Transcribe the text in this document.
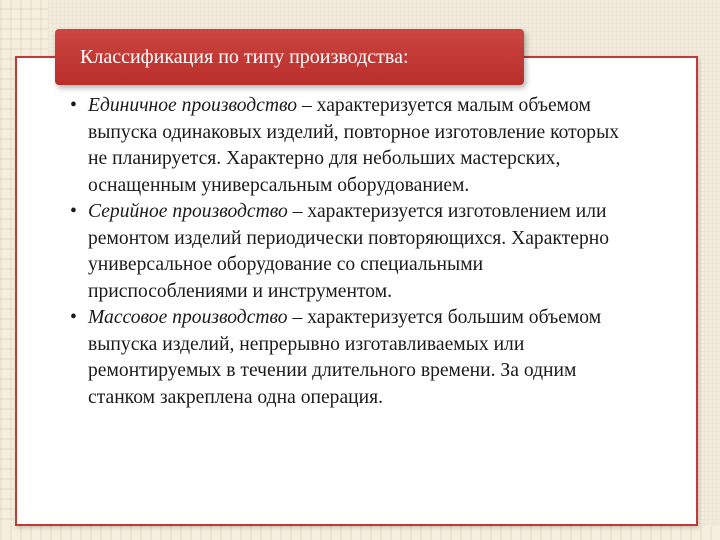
Классификация по типу производства:
• Единичное производство – характеризуется малым объемом выпуска одинаковых изделий, повторное изготовление которых не планируется. Характерно для небольших мастерских, оснащенным универсальным оборудованием.
• Серийное производство – характеризуется изготовлением или ремонтом изделий периодически повторяющихся. Характерно универсальное оборудование со специальными приспособлениями и инструментом.
• Массовое производство – характеризуется большим объемом выпуска изделий, непрерывно изготавливаемых или ремонтируемых в течении длительного времени. За одним станком закреплена одна операция.
